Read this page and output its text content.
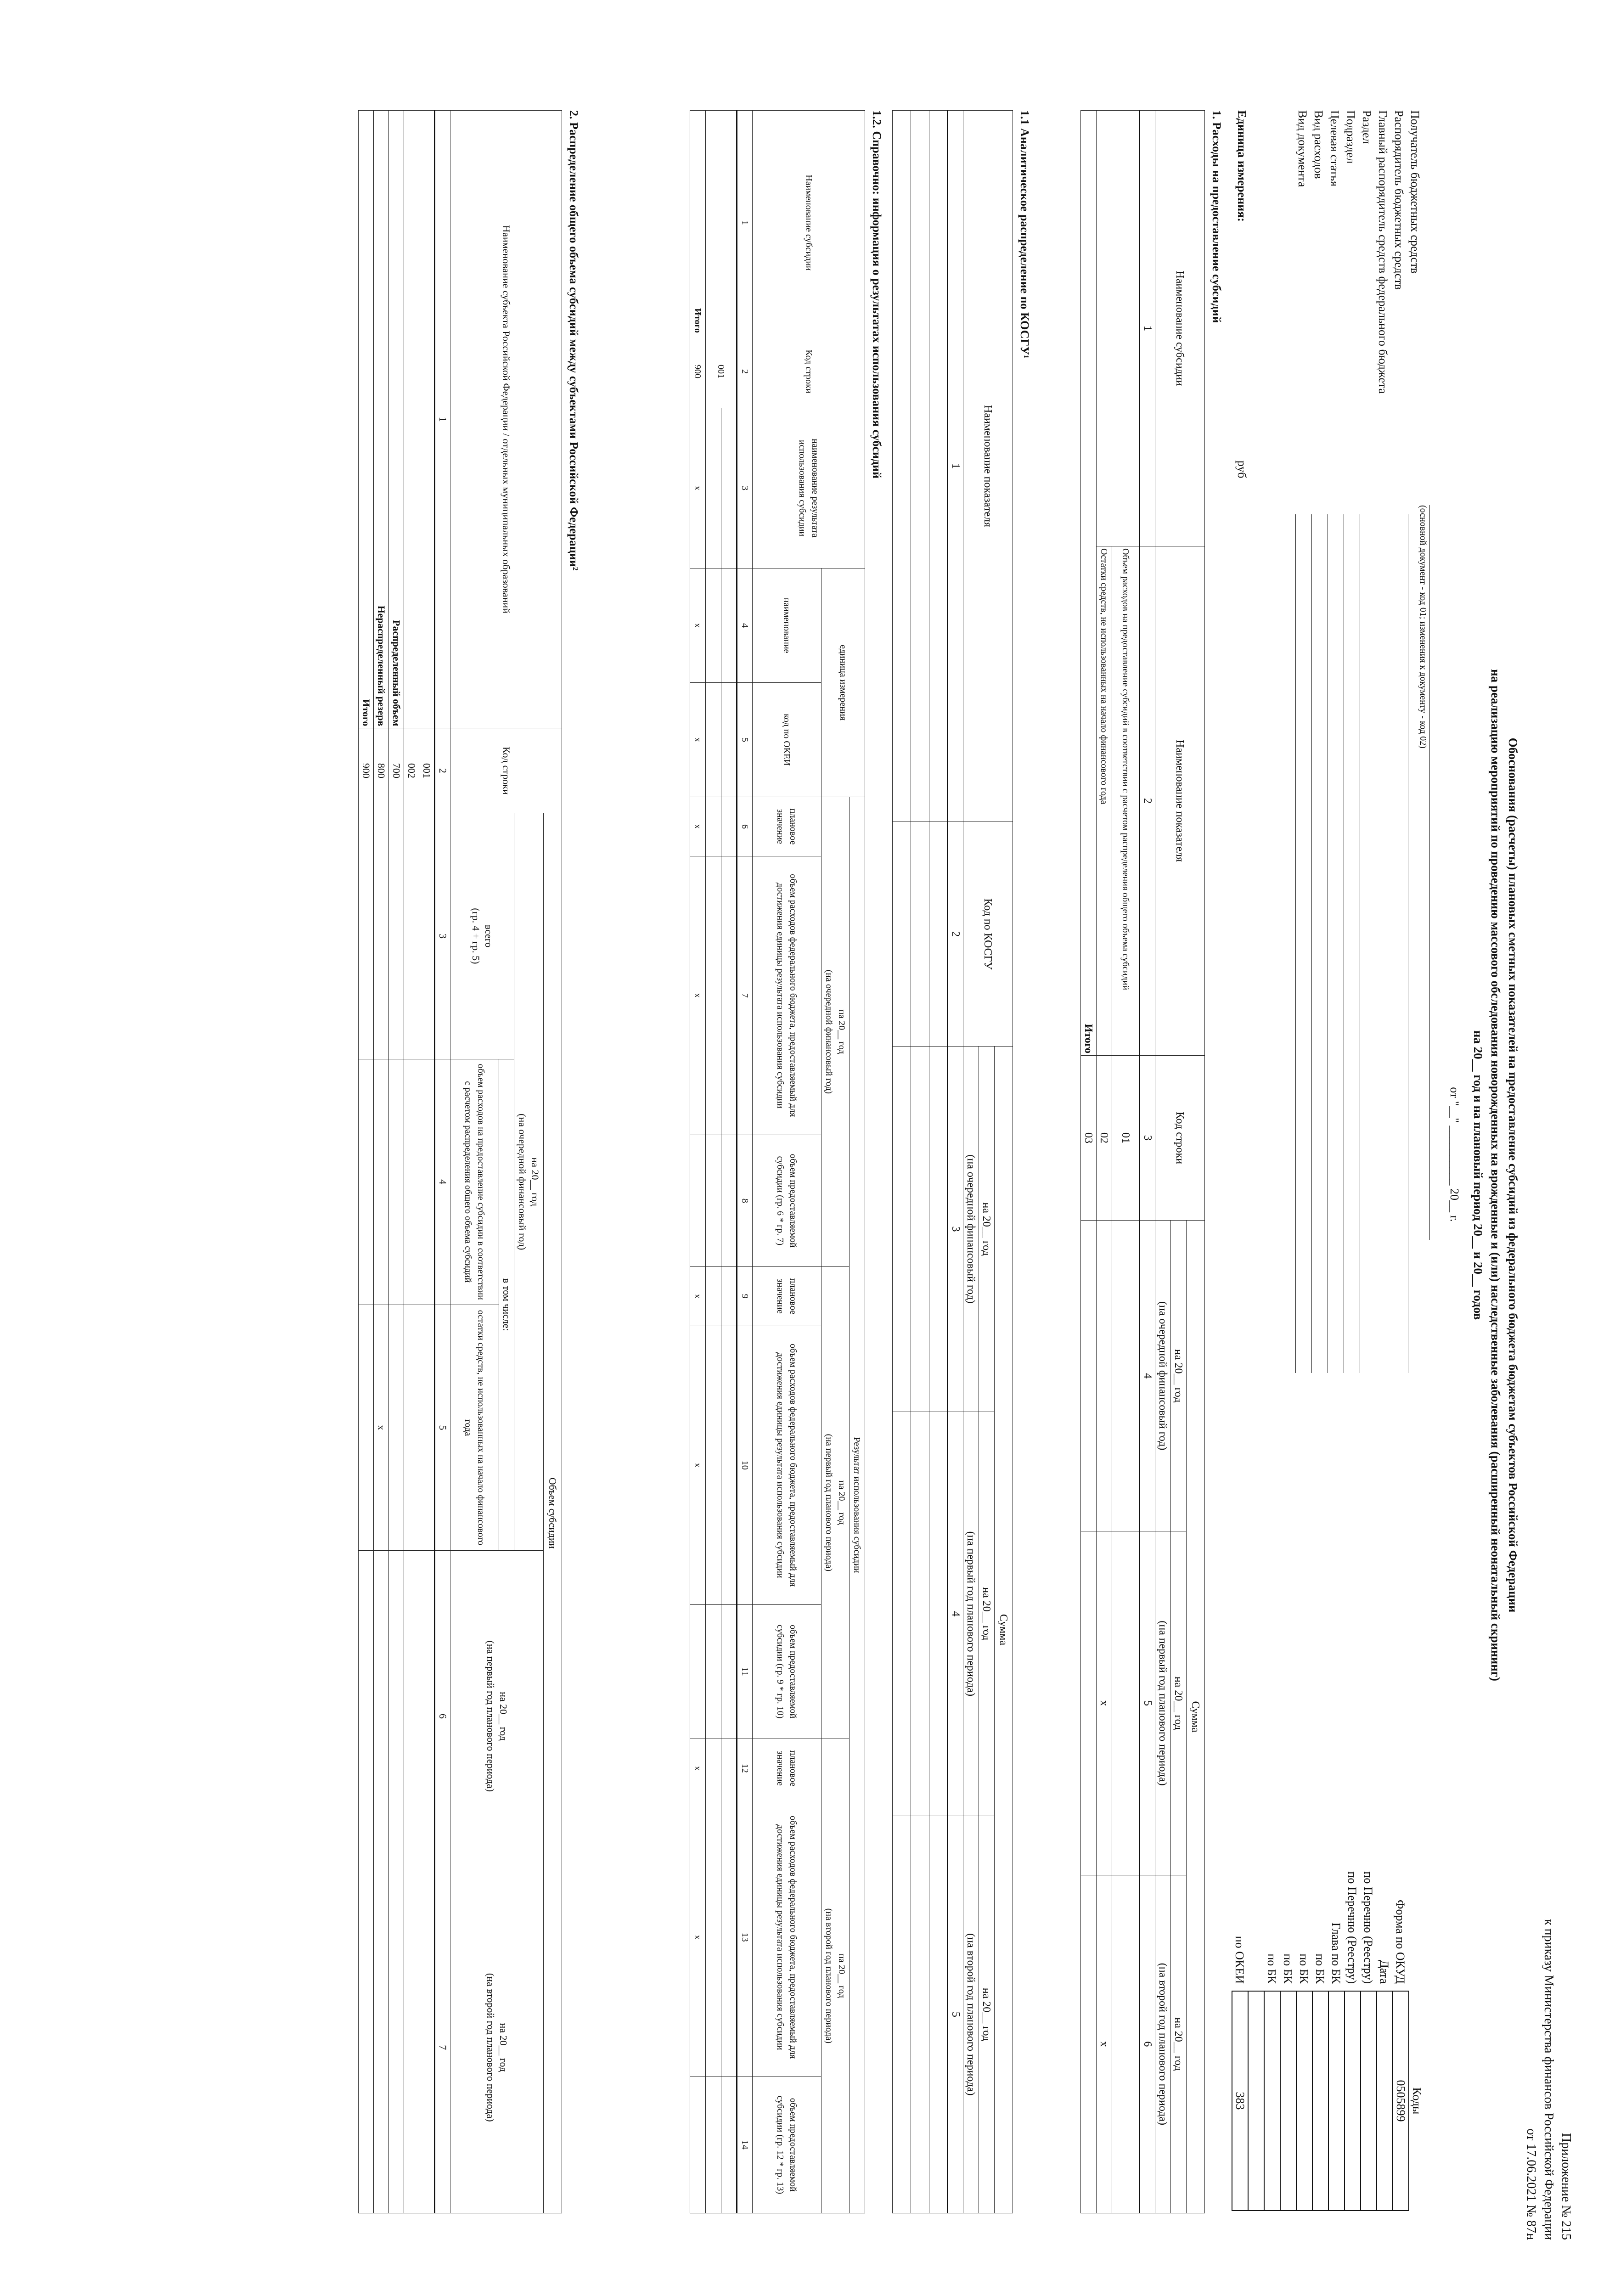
Приложение № 215
к приказу Министерства финансов Российской Федерации
от 17.06.2021 № 87н
Обоснования (расчеты) плановых сметных показателей на предоставление субсидий из федерального бюджета бюджетам субъектов Российской Федерации
на реализацию мероприятий по проведению массового обследования новорожденных на врожденные и (или) наследственные заболевания (расширенный неонатальный скрининг)
на 20__ год и на плановый период 20__ и 20__ годов
от "__" __________ 20__ г.
(основной документ - код 01; изменения к документу - код 02)
Получатель бюджетных средств
Распорядитель бюджетных средств
Главный распорядитель средств федерального бюджета
Раздел
Подраздел
Целевая статья
Вид расходов
Вид документа
Форма по ОКУД
Дата
по Перечню (Реестру)
по Перечню (Реестру)
Глава по БК
по БК
по БК
по БК
по БК
по ОКЕИ
Коды
0505899

383
Единица измерения:руб
1. Расходы на предоставление субсидий
Наименование субсидии	Наименование показателя	Код строки	Сумма		
			на 20__ год	на 20__ год	на 20__ год
			(на очередной финансовый год)	(на первый год планового периода)	(на второй год планового периода)
1	2	3	4	5	6
	Объем расходов на предоставление субсидий в соответствии с расчетом распределения общего объема субсидий	01			
	Остатки средств, не использованных на начало финансового года	02		x	x
Итого		03			
1.1 Аналитическое распределение по КОСГУ¹
Наименование показателя	Код по КОСГУ	Сумма		
		на 20__ год	на 20__ год	на 20__ год
		(на очередной финансовый год)	(на первый год планового периода)	(на второй год планового периода)
1	2	3	4	5

1.2. Справочно: информация о результатах использования субсидий
Наименование субсидии	Код строки	наименование результата использования субсидии	единица измерения		Результат использования субсидии								
					на 20__ год
(на очередной финансовый год)			на 20__ год
(на первый год планового периода)			на 20__ год
(на второй год планового периода)		
			наименование	код по ОКЕИ	плановое значение	объем расходов федерального бюджета, предоставляемый для достижения единицы результата использования субсидии	объем предоставляемой субсидии (гр. 6 * гр. 7)	плановое значение	объем расходов федерального бюджета, предоставляемый для достижения единицы результата использования субсидии	объем предоставляемой субсидии (гр. 9 * гр. 10)	плановое значение	объем расходов федерального бюджета, предоставляемый для достижения единицы результата использования субсидии	объем предоставляемой субсидии (гр. 12 * гр. 13)

1	2	3	4	5	6	7	8	9	10	11	12	13	14
	001												

Итого	900	x	x	x	x	x		x	x		x	x	
2. Распределение общего объема субсидий между субъектами Российской Федерации²
Наименование субъекта Российской Федерации / отдельных муниципальных образований	Код строки	Объем субсидии				
		на 20__ год
(на очередной финансовый год)			на 20__ год
(на первый год планового периода)	на 20__ год
(на второй год планового периода)
		всего
(гр. 4 + гр. 5)	в том числе:			
			объем расходов на предоставление субсидии в соответствии с расчетом распределения общего объема субсидий	остатки средств, не использованных на начало финансового года		

1	2	3	4	5	6	7
	001					
	002					
Распределенный объем	700					
Нераспределенный резерв	800			x		
Итого	900					
